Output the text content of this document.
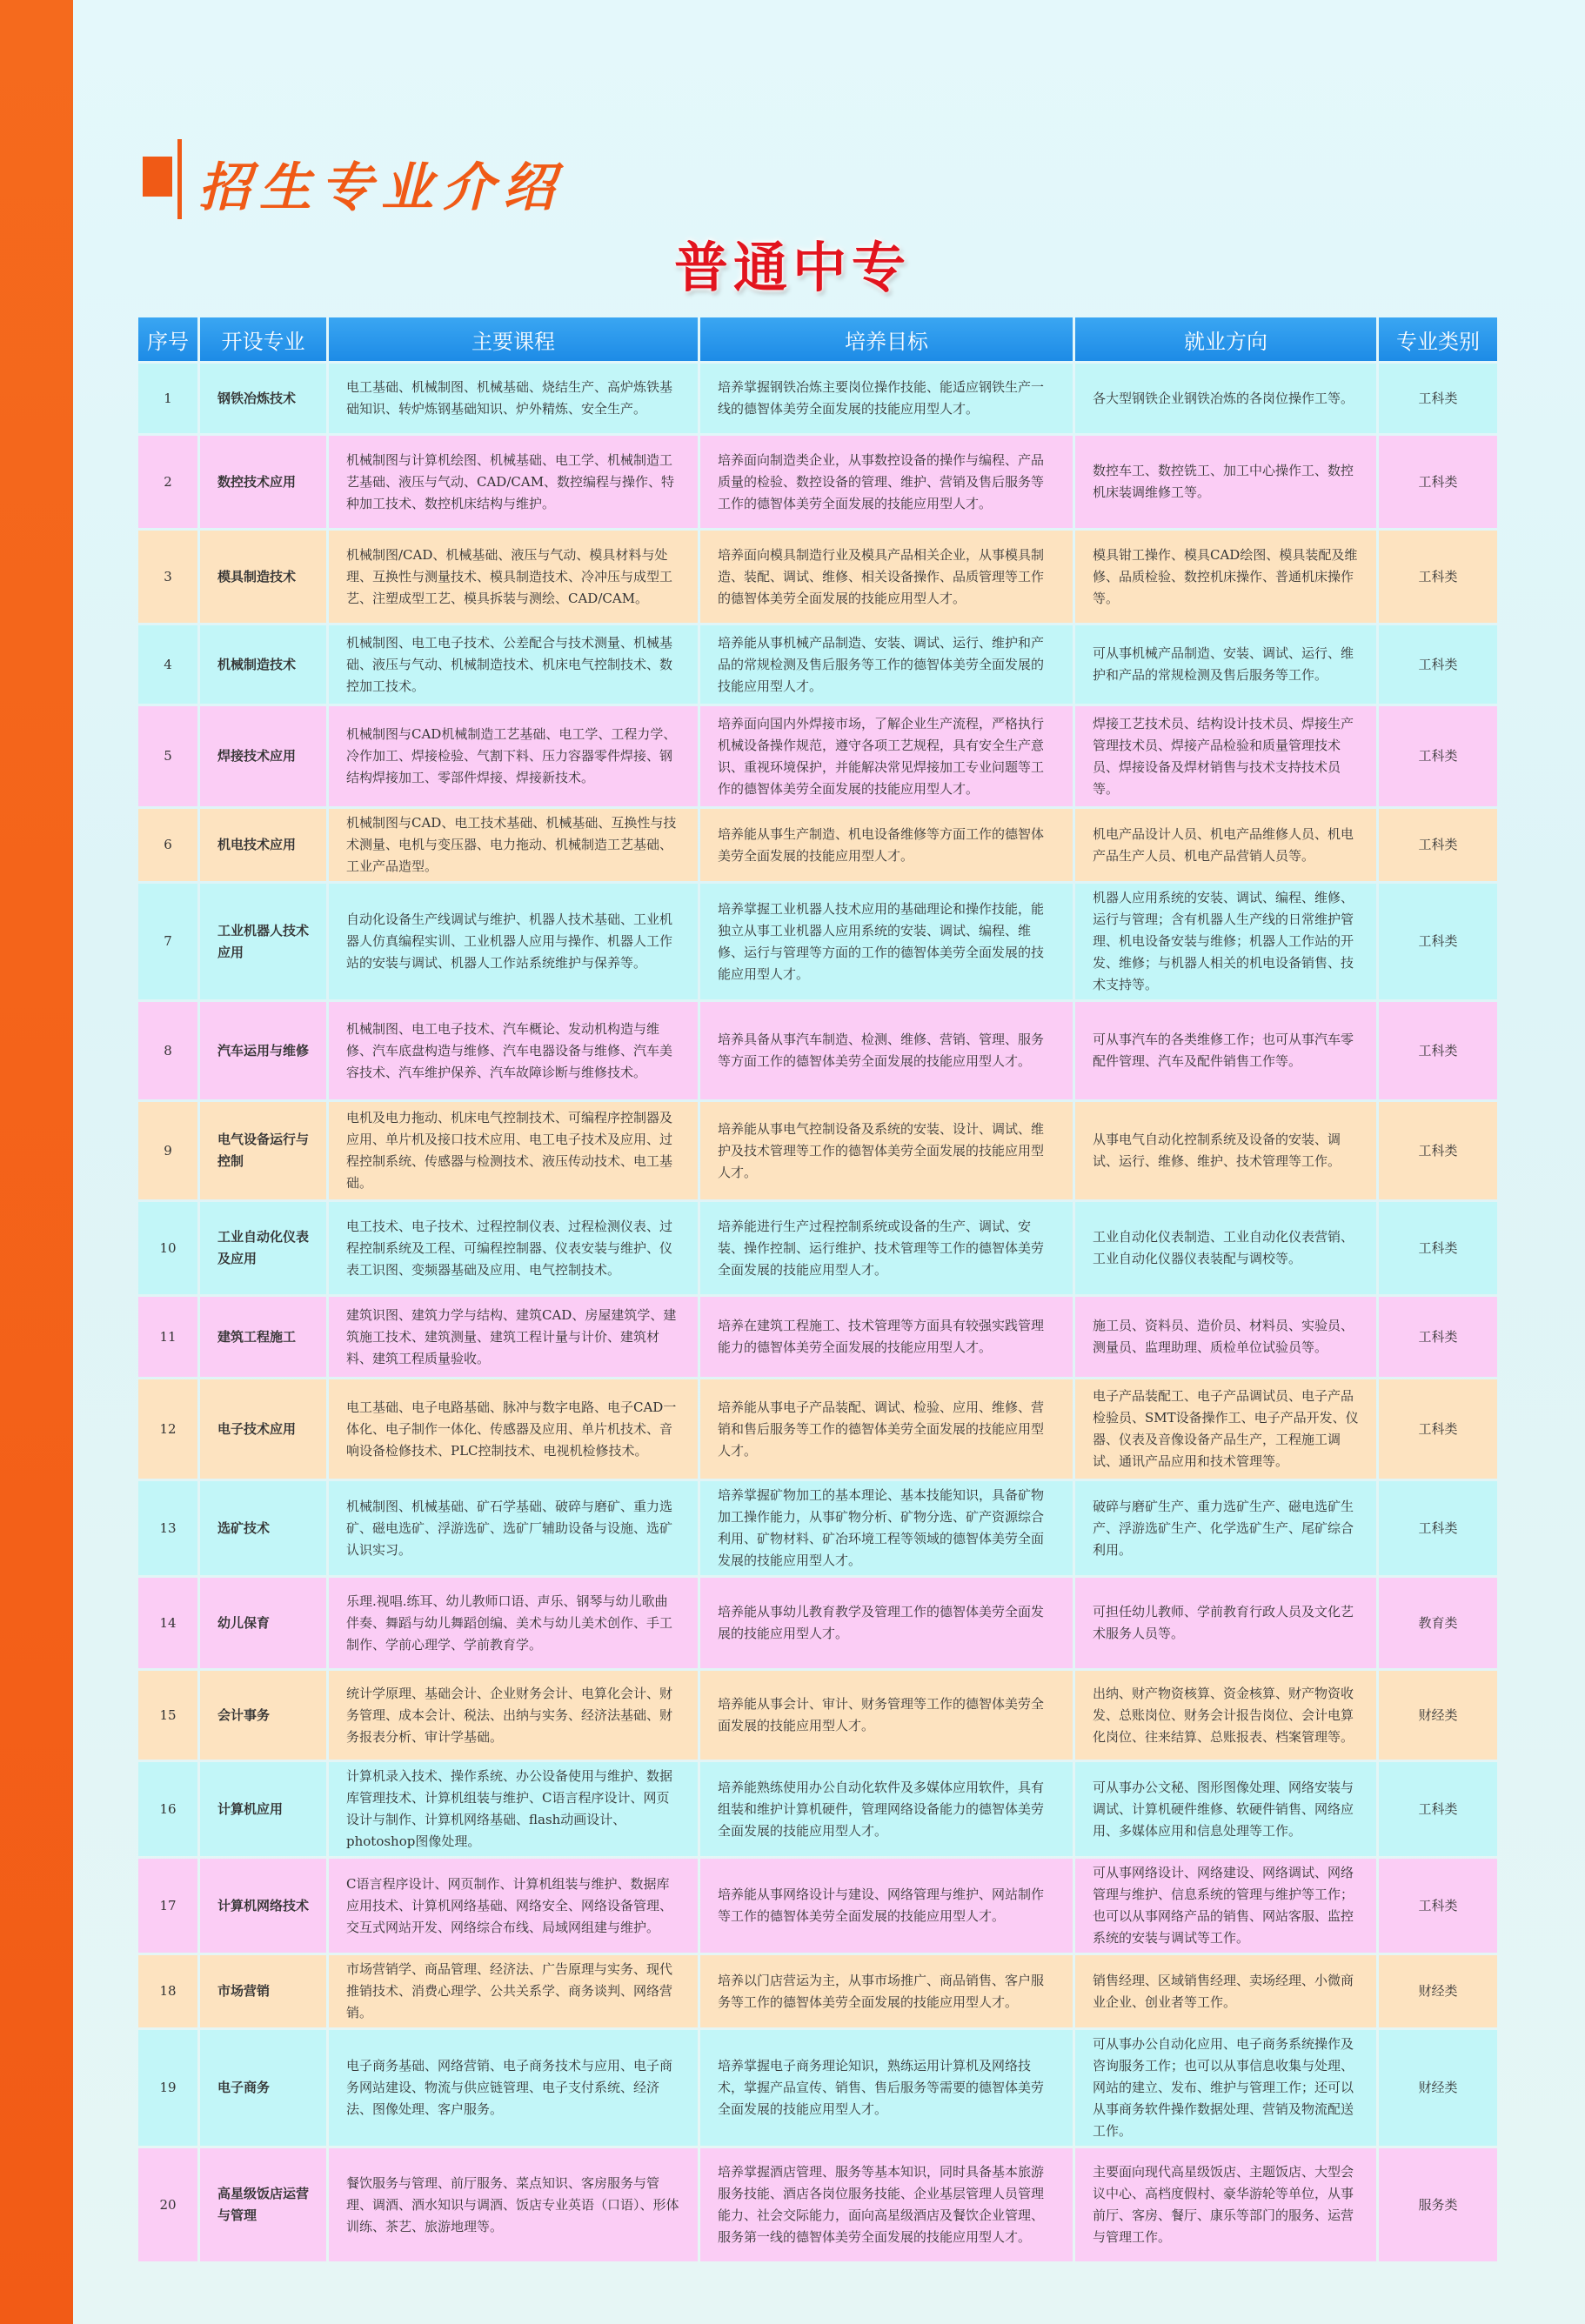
招生专业介绍
普通中专
序号	开设专业	主要课程	培养目标	就业方向	专业类别
1	钢铁冶炼技术	电工基础、机械制图、机械基础、烧结生产、高炉炼铁基础知识、转炉炼钢基础知识、炉外精炼、安全生产。	培养掌握钢铁冶炼主要岗位操作技能、能适应钢铁生产一线的德智体美劳全面发展的技能应用型人才。	各大型钢铁企业钢铁冶炼的各岗位操作工等。	工科类
2	数控技术应用	机械制图与计算机绘图、机械基础、电工学、机械制造工艺基础、液压与气动、CAD/CAM、数控编程与操作、特种加工技术、数控机床结构与维护。	培养面向制造类企业，从事数控设备的操作与编程、产品质量的检验、数控设备的管理、维护、营销及售后服务等工作的德智体美劳全面发展的技能应用型人才。	数控车工、数控铣工、加工中心操作工、数控机床装调维修工等。	工科类
3	模具制造技术	机械制图/CAD、机械基础、液压与气动、模具材料与处理、互换性与测量技术、模具制造技术、冷冲压与成型工艺、注塑成型工艺、模具拆装与测绘、CAD/CAM。	培养面向模具制造行业及模具产品相关企业，从事模具制造、装配、调试、维修、相关设备操作、品质管理等工作的德智体美劳全面发展的技能应用型人才。	模具钳工操作、模具CAD绘图、模具装配及维修、品质检验、数控机床操作、普通机床操作等。	工科类
4	机械制造技术	机械制图、电工电子技术、公差配合与技术测量、机械基础、液压与气动、机械制造技术、机床电气控制技术、数控加工技术。	培养能从事机械产品制造、安装、调试、运行、维护和产品的常规检测及售后服务等工作的德智体美劳全面发展的技能应用型人才。	可从事机械产品制造、安装、调试、运行、维护和产品的常规检测及售后服务等工作。	工科类
5	焊接技术应用	机械制图与CAD机械制造工艺基础、电工学、工程力学、冷作加工、焊接检验、气割下料、压力容器零件焊接、钢结构焊接加工、零部件焊接、焊接新技术。	培养面向国内外焊接市场，了解企业生产流程，严格执行机械设备操作规范，遵守各项工艺规程，具有安全生产意识、重视环境保护，并能解决常见焊接加工专业问题等工作的德智体美劳全面发展的技能应用型人才。	焊接工艺技术员、结构设计技术员、焊接生产管理技术员、焊接产品检验和质量管理技术员、焊接设备及焊材销售与技术支持技术员等。	工科类
6	机电技术应用	机械制图与CAD、电工技术基础、机械基础、互换性与技术测量、电机与变压器、电力拖动、机械制造工艺基础、工业产品造型。	培养能从事生产制造、机电设备维修等方面工作的德智体美劳全面发展的技能应用型人才。	机电产品设计人员、机电产品维修人员、机电产品生产人员、机电产品营销人员等。	工科类
7	工业机器人技术应用	自动化设备生产线调试与维护、机器人技术基础、工业机器人仿真编程实训、工业机器人应用与操作、机器人工作站的安装与调试、机器人工作站系统维护与保养等。	培养掌握工业机器人技术应用的基础理论和操作技能，能独立从事工业机器人应用系统的安装、调试、编程、维修、运行与管理等方面的工作的德智体美劳全面发展的技能应用型人才。	机器人应用系统的安装、调试、编程、维修、运行与管理；含有机器人生产线的日常维护管理、机电设备安装与维修；机器人工作站的开发、维修；与机器人相关的机电设备销售、技术支持等。	工科类
8	汽车运用与维修	机械制图、电工电子技术、汽车概论、发动机构造与维修、汽车底盘构造与维修、汽车电器设备与维修、汽车美容技术、汽车维护保养、汽车故障诊断与维修技术。	培养具备从事汽车制造、检测、维修、营销、管理、服务等方面工作的德智体美劳全面发展的技能应用型人才。	可从事汽车的各类维修工作；也可从事汽车零配件管理、汽车及配件销售工作等。	工科类
9	电气设备运行与控制	电机及电力拖动、机床电气控制技术、可编程序控制器及应用、单片机及接口技术应用、电工电子技术及应用、过程控制系统、传感器与检测技术、液压传动技术、电工基础。	培养能从事电气控制设备及系统的安装、设计、调试、维护及技术管理等工作的德智体美劳全面发展的技能应用型人才。	从事电气自动化控制系统及设备的安装、调试、运行、维修、维护、技术管理等工作。	工科类
10	工业自动化仪表及应用	电工技术、电子技术、过程控制仪表、过程检测仪表、过程控制系统及工程、可编程控制器、仪表安装与维护、仪表工识图、变频器基础及应用、电气控制技术。	培养能进行生产过程控制系统或设备的生产、调试、安装、操作控制、运行维护、技术管理等工作的德智体美劳全面发展的技能应用型人才。	工业自动化仪表制造、工业自动化仪表营销、工业自动化仪器仪表装配与调校等。	工科类
11	建筑工程施工	建筑识图、建筑力学与结构、建筑CAD、房屋建筑学、建筑施工技术、建筑测量、建筑工程计量与计价、建筑材料、建筑工程质量验收。	培养在建筑工程施工、技术管理等方面具有较强实践管理能力的德智体美劳全面发展的技能应用型人才。	施工员、资料员、造价员、材料员、实验员、测量员、监理助理、质检单位试验员等。	工科类
12	电子技术应用	电工基础、电子电路基础、脉冲与数字电路、电子CAD一体化、电子制作一体化、传感器及应用、单片机技术、音响设备检修技术、PLC控制技术、电视机检修技术。	培养能从事电子产品装配、调试、检验、应用、维修、营销和售后服务等工作的德智体美劳全面发展的技能应用型人才。	电子产品装配工、电子产品调试员、电子产品检验员、SMT设备操作工、电子产品开发、仪器、仪表及音像设备产品生产，工程施工调试、通讯产品应用和技术管理等。	工科类
13	选矿技术	机械制图、机械基础、矿石学基础、破碎与磨矿、重力选矿、磁电选矿、浮游选矿、选矿厂辅助设备与设施、选矿认识实习。	培养掌握矿物加工的基本理论、基本技能知识，具备矿物加工操作能力，从事矿物分析、矿物分选、矿产资源综合利用、矿物材料、矿冶环境工程等领域的德智体美劳全面发展的技能应用型人才。	破碎与磨矿生产、重力选矿生产、磁电选矿生产、浮游选矿生产、化学选矿生产、尾矿综合利用。	工科类
14	幼儿保育	乐理.视唱.练耳、幼儿教师口语、声乐、钢琴与幼儿歌曲伴奏、舞蹈与幼儿舞蹈创编、美术与幼儿美术创作、手工制作、学前心理学、学前教育学。	培养能从事幼儿教育教学及管理工作的德智体美劳全面发展的技能应用型人才。	可担任幼儿教师、学前教育行政人员及文化艺术服务人员等。	教育类
15	会计事务	统计学原理、基础会计、企业财务会计、电算化会计、财务管理、成本会计、税法、出纳与实务、经济法基础、财务报表分析、审计学基础。	培养能从事会计、审计、财务管理等工作的德智体美劳全面发展的技能应用型人才。	出纳、财产物资核算、资金核算、财产物资收发、总账岗位、财务会计报告岗位、会计电算化岗位、往来结算、总账报表、档案管理等。	财经类
16	计算机应用	计算机录入技术、操作系统、办公设备使用与维护、数据库管理技术、计算机组装与维护、C语言程序设计、网页设计与制作、计算机网络基础、flash动画设计、photoshop图像处理。	培养能熟练使用办公自动化软件及多媒体应用软件，具有组装和维护计算机硬件，管理网络设备能力的德智体美劳全面发展的技能应用型人才。	可从事办公文秘、图形图像处理、网络安装与调试、计算机硬件维修、软硬件销售、网络应用、多媒体应用和信息处理等工作。	工科类
17	计算机网络技术	C语言程序设计、网页制作、计算机组装与维护、数据库应用技术、计算机网络基础、网络安全、网络设备管理、交互式网站开发、网络综合布线、局域网组建与维护。	培养能从事网络设计与建设、网络管理与维护、网站制作等工作的德智体美劳全面发展的技能应用型人才。	可从事网络设计、网络建设、网络调试、网络管理与维护、信息系统的管理与维护等工作；也可以从事网络产品的销售、网站客服、监控系统的安装与调试等工作。	工科类
18	市场营销	市场营销学、商品管理、经济法、广告原理与实务、现代推销技术、消费心理学、公共关系学、商务谈判、网络营销。	培养以门店营运为主，从事市场推广、商品销售、客户服务等工作的德智体美劳全面发展的技能应用型人才。	销售经理、区域销售经理、卖场经理、小微商业企业、创业者等工作。	财经类
19	电子商务	电子商务基础、网络营销、电子商务技术与应用、电子商务网站建设、物流与供应链管理、电子支付系统、经济法、图像处理、客户服务。	培养掌握电子商务理论知识，熟练运用计算机及网络技术，掌握产品宣传、销售、售后服务等需要的德智体美劳全面发展的技能应用型人才。	可从事办公自动化应用、电子商务系统操作及咨询服务工作；也可以从事信息收集与处理、网站的建立、发布、维护与管理工作；还可以从事商务软件操作数据处理、营销及物流配送工作。	财经类
20	高星级饭店运营与管理	餐饮服务与管理、前厅服务、菜点知识、客房服务与管理、调酒、酒水知识与调酒、饭店专业英语（口语）、形体训练、茶艺、旅游地理等。	培养掌握酒店管理、服务等基本知识，同时具备基本旅游服务技能、酒店各岗位服务技能、企业基层管理人员管理能力、社会交际能力，面向高星级酒店及餐饮企业管理、服务第一线的德智体美劳全面发展的技能应用型人才。	主要面向现代高星级饭店、主题饭店、大型会议中心、高档度假村、豪华游轮等单位，从事前厅、客房、餐厅、康乐等部门的服务、运营与管理工作。	服务类
